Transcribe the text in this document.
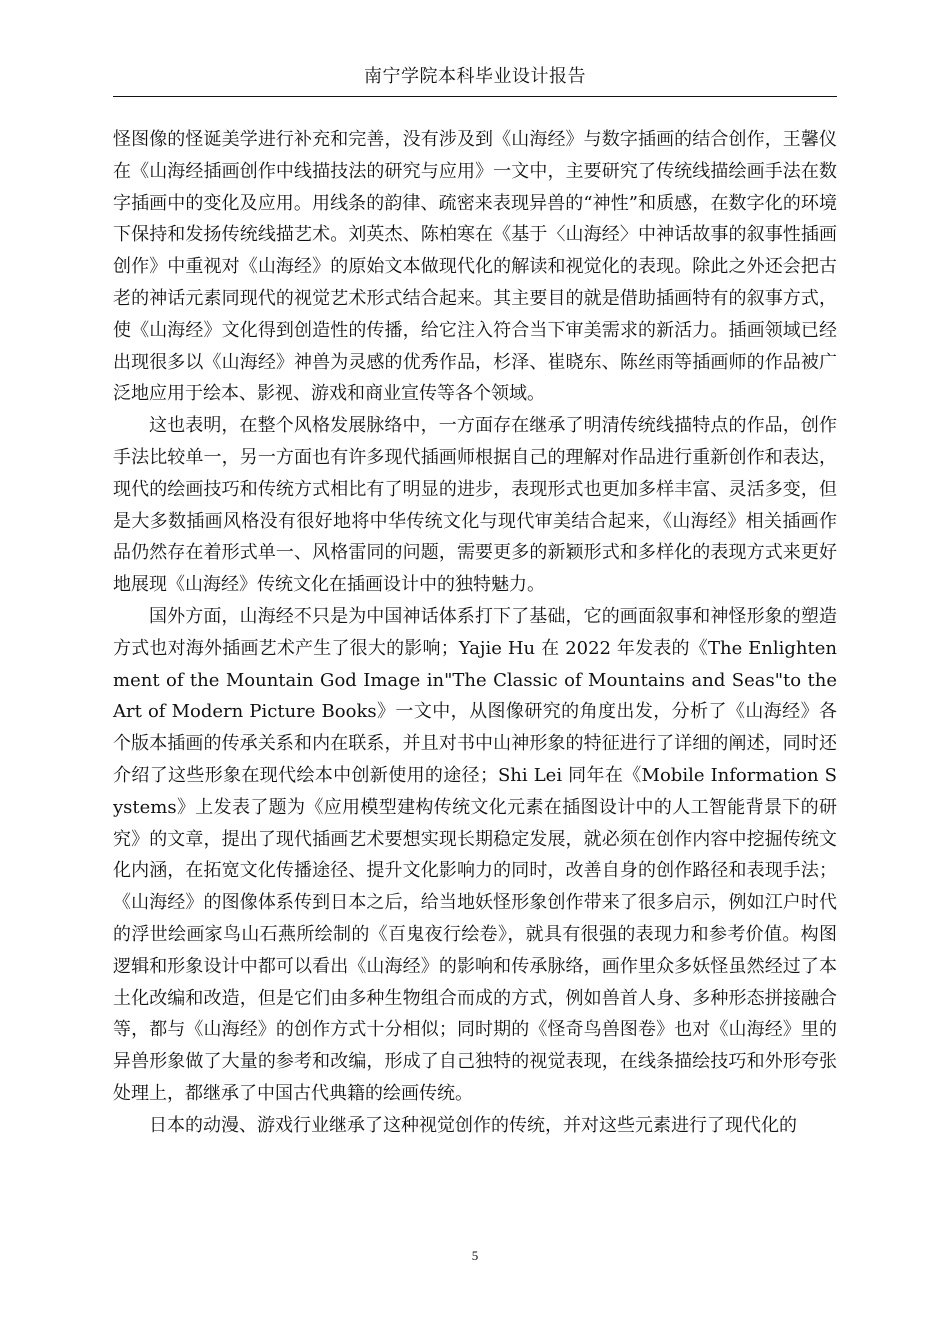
南宁学院本科毕业设计报告

怪图像的怪诞美学进行补充和完善，没有涉及到《山海经》与数字插画的结合创作，王馨仪在《山海经插画创作中线描技法的研究与应用》一文中，主要研究了传统线描绘画手法在数字插画中的变化及应用。用线条的韵律、疏密来表现异兽的“神性”和质感，在数字化的环境下保持和发扬传统线描艺术。刘英杰、陈柏寒在《基于〈山海经〉中神话故事的叙事性插画创作》中重视对《山海经》的原始文本做现代化的解读和视觉化的表现。除此之外还会把古老的神话元素同现代的视觉艺术形式结合起来。其主要目的就是借助插画特有的叙事方式，使《山海经》文化得到创造性的传播，给它注入符合当下审美需求的新活力。插画领域已经出现很多以《山海经》神兽为灵感的优秀作品，杉泽、崔晓东、陈丝雨等插画师的作品被广泛地应用于绘本、影视、游戏和商业宣传等各个领域。

这也表明，在整个风格发展脉络中，一方面存在继承了明清传统线描特点的作品，创作手法比较单一，另一方面也有许多现代插画师根据自己的理解对作品进行重新创作和表达，现代的绘画技巧和传统方式相比有了明显的进步，表现形式也更加多样丰富、灵活多变，但是大多数插画风格没有很好地将中华传统文化与现代审美结合起来，《山海经》相关插画作品仍然存在着形式单一、风格雷同的问题，需要更多的新颖形式和多样化的表现方式来更好地展现《山海经》传统文化在插画设计中的独特魅力。

国外方面，山海经不只是为中国神话体系打下了基础，它的画面叙事和神怪形象的塑造方式也对海外插画艺术产生了很大的影响；Yajie Hu 在 2022 年发表的《The Enlightenment of the Mountain God Image in"The Classic of Mountains and Seas"to the Art of Modern Picture Books》一文中，从图像研究的角度出发，分析了《山海经》各个版本插画的传承关系和内在联系，并且对书中山神形象的特征进行了详细的阐述，同时还介绍了这些形象在现代绘本中创新使用的途径；Shi Lei 同年在《Mobile Information Systems》上发表了题为《应用模型建构传统文化元素在插图设计中的人工智能背景下的研究》的文章，提出了现代插画艺术要想实现长期稳定发展，就必须在创作内容中挖掘传统文化内涵，在拓宽文化传播途径、提升文化影响力的同时，改善自身的创作路径和表现手法；《山海经》的图像体系传到日本之后，给当地妖怪形象创作带来了很多启示，例如江户时代的浮世绘画家鸟山石燕所绘制的《百鬼夜行绘卷》，就具有很强的表现力和参考价值。构图逻辑和形象设计中都可以看出《山海经》的影响和传承脉络，画作里众多妖怪虽然经过了本土化改编和改造，但是它们由多种生物组合而成的方式，例如兽首人身、多种形态拼接融合等，都与《山海经》的创作方式十分相似；同时期的《怪奇鸟兽图卷》也对《山海经》里的异兽形象做了大量的参考和改编，形成了自己独特的视觉表现，在线条描绘技巧和外形夸张处理上，都继承了中国古代典籍的绘画传统。

日本的动漫、游戏行业继承了这种视觉创作的传统，并对这些元素进行了现代化的

5
